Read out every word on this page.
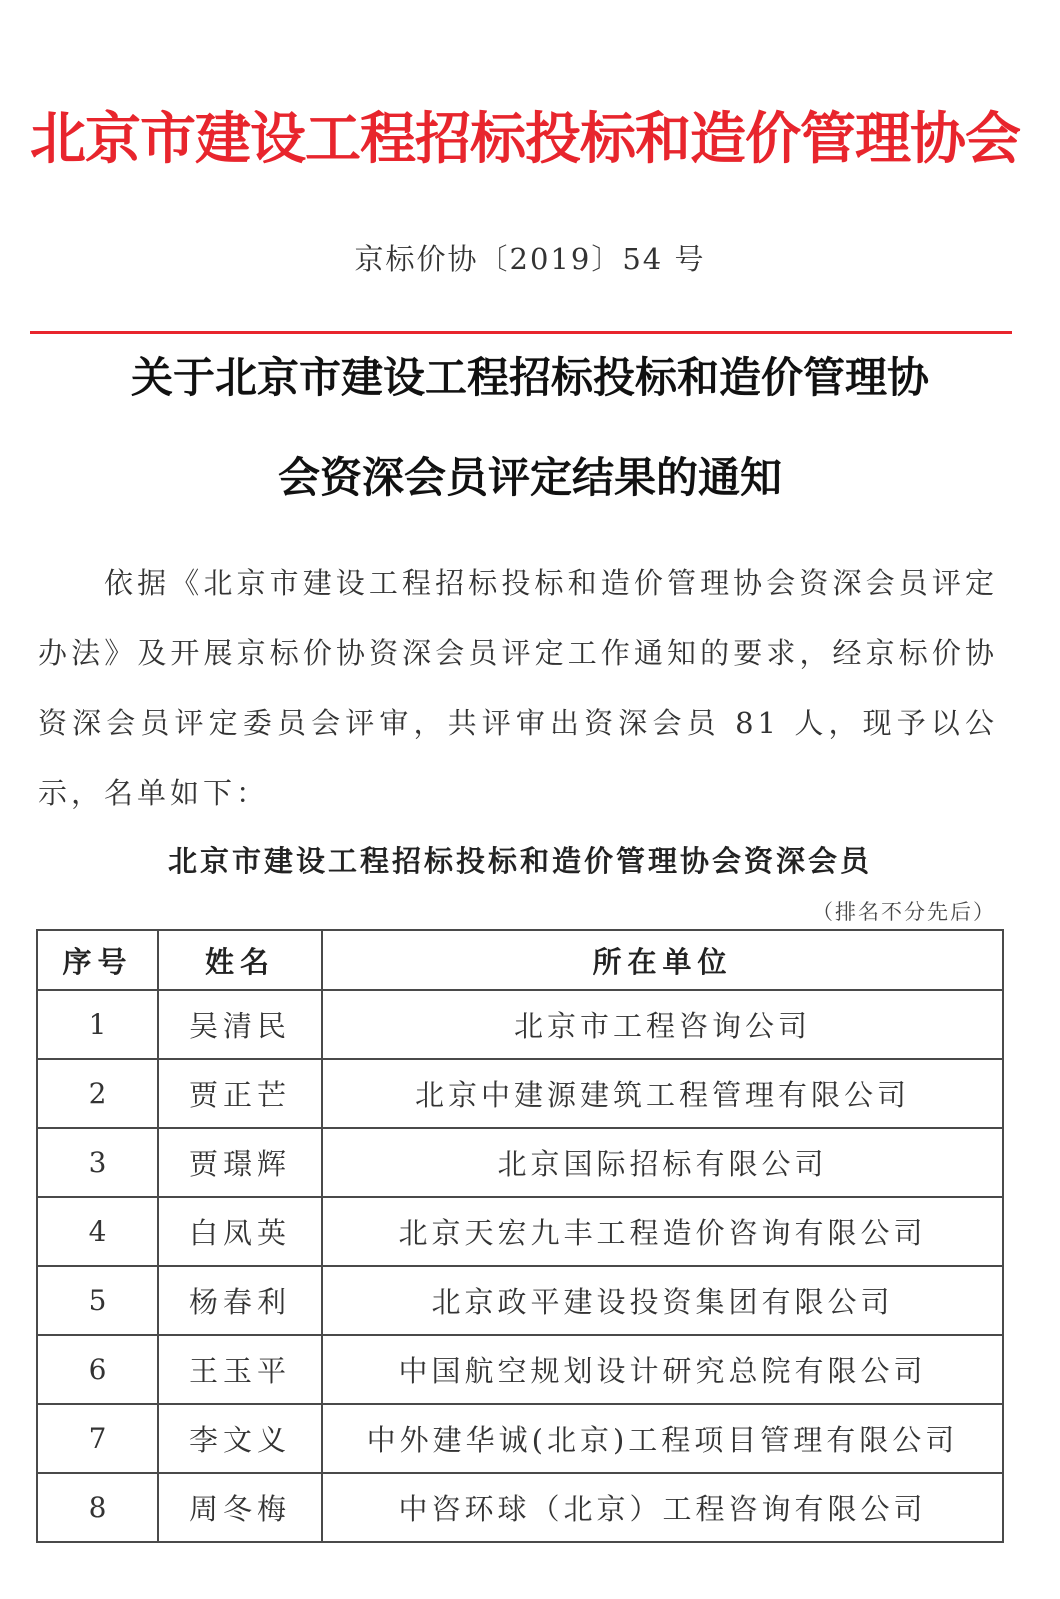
北京市建设工程招标投标和造价管理协会
京标价协〔2019〕54 号
关于北京市建设工程招标投标和造价管理协
会资深会员评定结果的通知

依据《北京市建设工程招标投标和造价管理协会资深会员评定办法》及开展京标价协资深会员评定工作通知的要求，经京标价协资深会员评定委员会评审，共评审出资深会员 81 人，现予以公示，名单如下：

北京市建设工程招标投标和造价管理协会资深会员
（排名不分先后）
序号	姓名	所在单位
1	吴清民	北京市工程咨询公司
2	贾正芒	北京中建源建筑工程管理有限公司
3	贾璟辉	北京国际招标有限公司
4	白凤英	北京天宏九丰工程造价咨询有限公司
5	杨春利	北京政平建设投资集团有限公司
6	王玉平	中国航空规划设计研究总院有限公司
7	李文义	中外建华诚(北京)工程项目管理有限公司
8	周冬梅	中咨环球（北京）工程咨询有限公司
